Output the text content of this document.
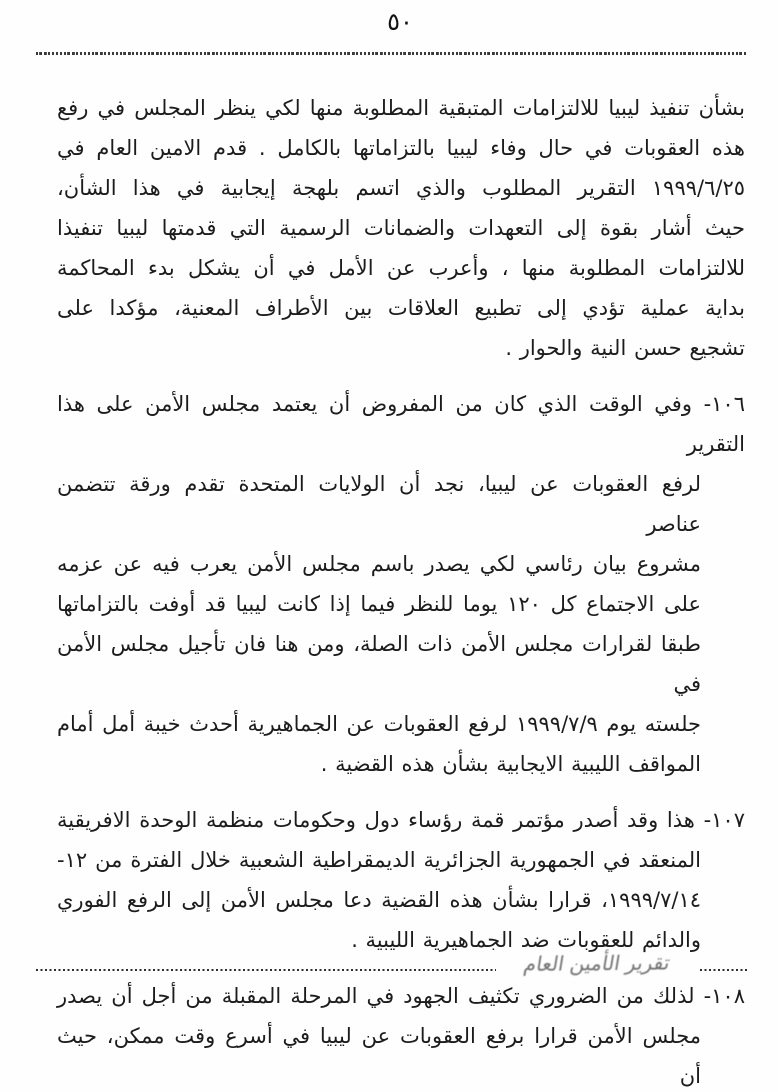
٥٠
بشأن تنفيذ ليبيا للالتزامات المتبقية المطلوبة منها لكي ينظر المجلس في رفع
هذه العقوبات في حال وفاء ليبيا بالتزاماتها بالكامل . قدم الامين العام في
١٩٩٩/٦/٢٥ التقرير المطلوب والذي اتسم بلهجة إيجابية في هذا الشأن،
حيث أشار بقوة إلى التعهدات والضمانات الرسمية التي قدمتها ليبيا تنفيذا
للالتزامات المطلوبة منها ، وأعرب عن الأمل في أن يشكل بدء المحاكمة
بداية عملية تؤدي إلى تطبيع العلاقات بين الأطراف المعنية، مؤكدا على
تشجيع حسن النية والحوار .
١٠٦- وفي الوقت الذي كان من المفروض أن يعتمد مجلس الأمن على هذا التقرير
لرفع العقوبات عن ليبيا، نجد أن الولايات المتحدة تقدم ورقة تتضمن عناصر
مشروع بيان رئاسي لكي يصدر باسم مجلس الأمن يعرب فيه عن عزمه
على الاجتماع كل ١٢٠ يوما للنظر فيما إذا كانت ليبيا قد أوفت بالتزاماتها
طبقا لقرارات مجلس الأمن ذات الصلة، ومن هنا فان تأجيل مجلس الأمن في
جلسته يوم ١٩٩٩/٧/٩ لرفع العقوبات عن الجماهيرية أحدث خيبة أمل أمام
المواقف الليبية الايجابية بشأن هذه القضية .
١٠٧- هذا وقد أصدر مؤتمر قمة رؤساء دول وحكومات منظمة الوحدة الافريقية
المنعقد في الجمهورية الجزائرية الديمقراطية الشعبية خلال الفترة من ١٢-
١٩٩٩/٧/١٤، قرارا بشأن هذه القضية دعا مجلس الأمن إلى الرفع الفوري
والدائم للعقوبات ضد الجماهيرية الليبية .
١٠٨- لذلك من الضروري تكثيف الجهود في المرحلة المقبلة من أجل أن يصدر
مجلس الأمن قرارا برفع العقوبات عن ليبيا في أسرع وقت ممكن، حيث أن
تقرير الأمين العام
